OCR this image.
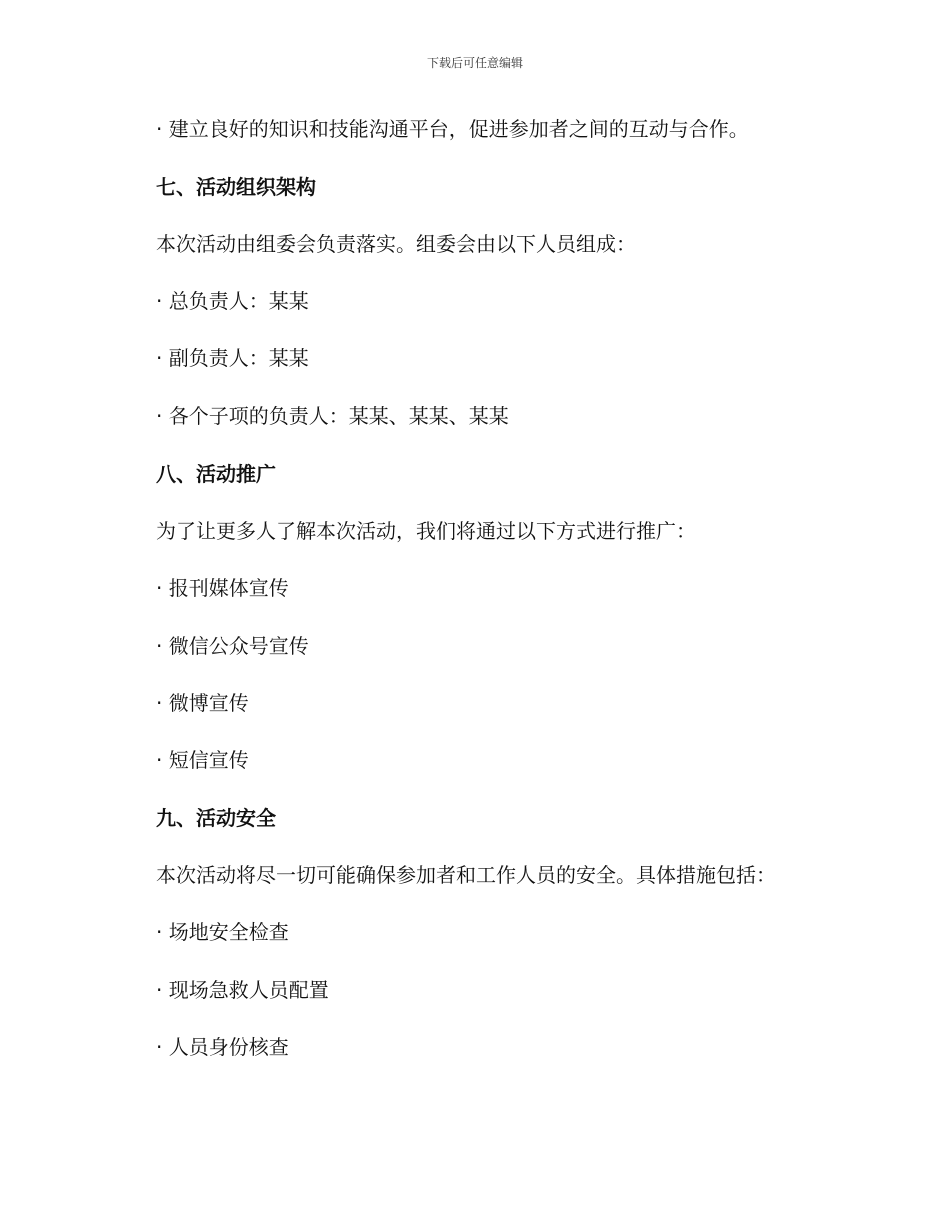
下载后可任意编辑
· 建立良好的知识和技能沟通平台，促进参加者之间的互动与合作。
七、活动组织架构
本次活动由组委会负责落实。组委会由以下人员组成：
· 总负责人：某某
· 副负责人：某某
· 各个子项的负责人：某某、某某、某某
八、活动推广
为了让更多人了解本次活动，我们将通过以下方式进行推广：
· 报刊媒体宣传
· 微信公众号宣传
· 微博宣传
· 短信宣传
九、活动安全
本次活动将尽一切可能确保参加者和工作人员的安全。具体措施包括：
· 场地安全检查
· 现场急救人员配置
· 人员身份核查
